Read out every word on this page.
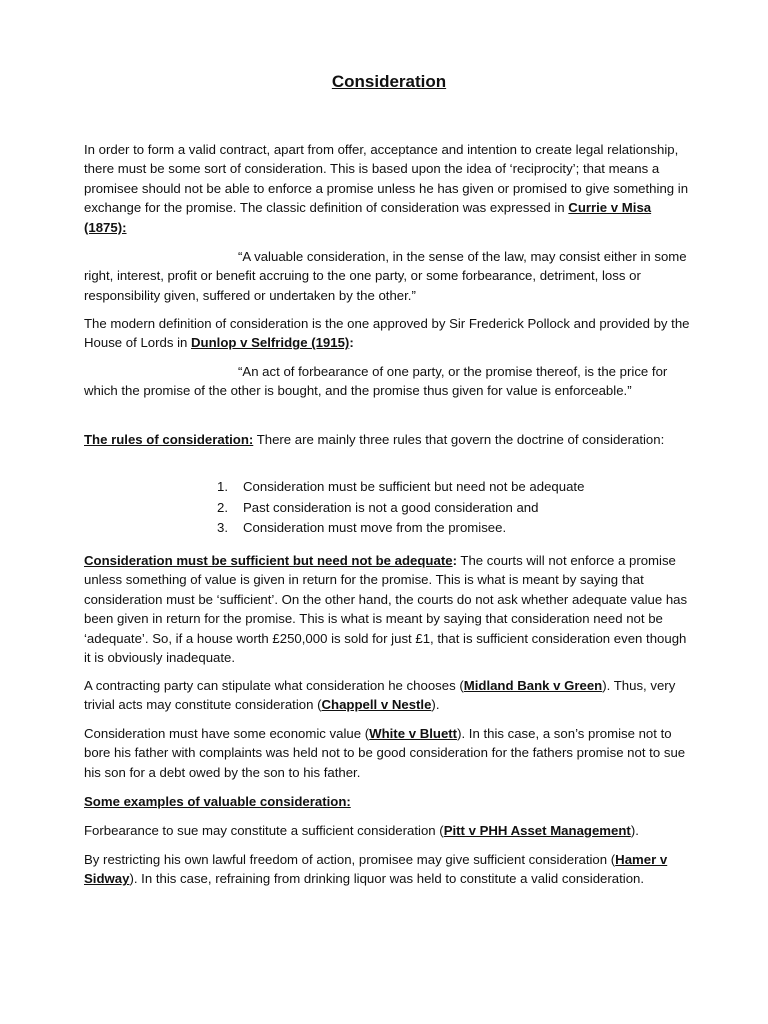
Consideration

In order to form a valid contract, apart from offer, acceptance and intention to create legal relationship, there must be some sort of consideration. This is based upon the idea of ‘reciprocity’; that means a promisee should not be able to enforce a promise unless he has given or promised to give something in exchange for the promise. The classic definition of consideration was expressed in Currie v Misa (1875):

“A valuable consideration, in the sense of the law, may consist either in some right, interest, profit or benefit accruing to the one party, or some forbearance, detriment, loss or responsibility given, suffered or undertaken by the other.”

The modern definition of consideration is the one approved by Sir Frederick Pollock and provided by the House of Lords in Dunlop v Selfridge (1915):

“An act of forbearance of one party, or the promise thereof, is the price for which the promise of the other is bought, and the promise thus given for value is enforceable.”

The rules of consideration: There are mainly three rules that govern the doctrine of consideration:

1.	Consideration must be sufficient but need not be adequate
2.	Past consideration is not a good consideration and
3.	Consideration must move from the promisee.

Consideration must be sufficient but need not be adequate: The courts will not enforce a promise unless something of value is given in return for the promise. This is what is meant by saying that consideration must be ‘sufficient’. On the other hand, the courts do not ask whether adequate value has been given in return for the promise. This is what is meant by saying that consideration need not be ‘adequate’. So, if a house worth £250,000 is sold for just £1, that is sufficient consideration even though it is obviously inadequate.

A contracting party can stipulate what consideration he chooses (Midland Bank v Green). Thus, very trivial acts may constitute consideration (Chappell v Nestle).

Consideration must have some economic value (White v Bluett). In this case, a son’s promise not to bore his father with complaints was held not to be good consideration for the fathers promise not to sue his son for a debt owed by the son to his father.

Some examples of valuable consideration:

Forbearance to sue may constitute a sufficient consideration (Pitt v PHH Asset Management).

By restricting his own lawful freedom of action, promisee may give sufficient consideration (Hamer v Sidway). In this case, refraining from drinking liquor was held to constitute a valid consideration.
